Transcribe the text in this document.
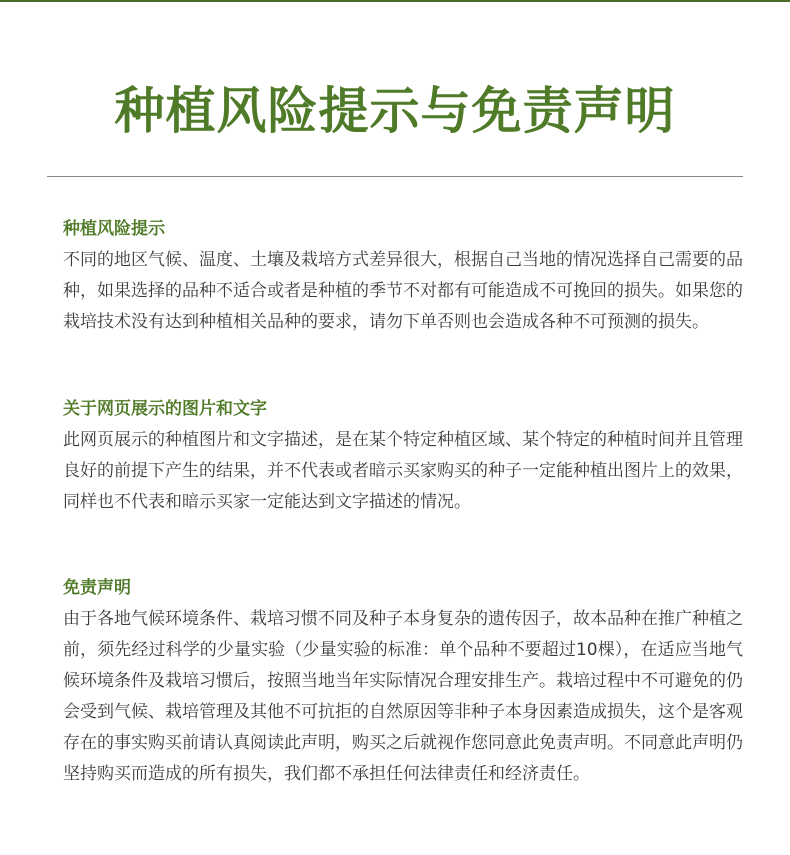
种植风险提示与免责声明
种植风险提示

不同的地区气候、温度、土壤及栽培方式差异很大，根据自己当地的情况选择自己需要的品种，如果选择的品种不适合或者是种植的季节不对都有可能造成不可挽回的损失。如果您的栽培技术没有达到种植相关品种的要求，请勿下单否则也会造成各种不可预测的损失。

关于网页展示的图片和文字

此网页展示的种植图片和文字描述，是在某个特定种植区域、某个特定的种植时间并且管理良好的前提下产生的结果，并不代表或者暗示买家购买的种子一定能种植出图片上的效果，同样也不代表和暗示买家一定能达到文字描述的情况。

免责声明

由于各地气候环境条件、栽培习惯不同及种子本身复杂的遗传因子，故本品种在推广种植之前，须先经过科学的少量实验（少量实验的标准：单个品种不要超过10棵），在适应当地气候环境条件及栽培习惯后，按照当地当年实际情况合理安排生产。栽培过程中不可避免的仍会受到气候、栽培管理及其他不可抗拒的自然原因等非种子本身因素造成损失，这个是客观存在的事实购买前请认真阅读此声明，购买之后就视作您同意此免责声明。不同意此声明仍坚持购买而造成的所有损失，我们都不承担任何法律责任和经济责任。
